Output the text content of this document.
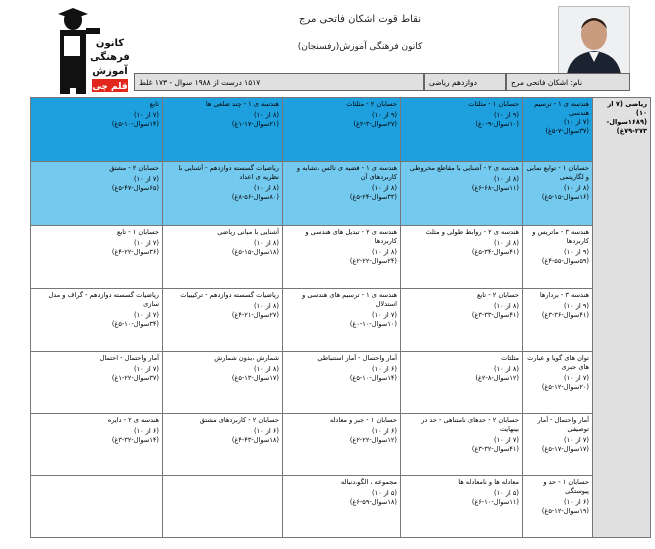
کانون
فرهنگی
آموزش
قلم چی
نقاط قوت اشکان فاتحی مرج
کانون فرهنگی آموزش(رفسنجان)
نام: اشکان فاتحی مرج
دوازدهم ریاضی
۱۵۱۷ درست از ۱۹۸۸ سوال - ۱۷۳ غلط
ریاضی (۷ از ۱۰) (۱۶۸۹سوال- ۲۷۳-۷۹غ)	هندسه ی ۱ - ترسیم هندسی
(۷ از ۱۰)
(۳۷سوال-۷-۵غ)	حسابان ۱ - مثلثات
(۹ از ۱۰)
(۱۰سوال-۹-۰غ)	حسابان ۲ - مثلثات
(۹ از ۱۰)
(۲۷سوال-۳-۲غ)	هندسه ی ۱ - چند ضلعی ها
(۸ از ۱۰)
(۲۱سوال-۱۷-۱غ)	تابع
(۷ از ۱۰)
(۱۴سوال-۱۰-۵غ)

	حسابان ۱ - توابع نمایی و لگاریتمی
(۸ از ۱۰)
(۱۶سوال-۱۵-۵غ)	هندسه ی ۲ - آشنایی با مقاطع مخروطی
(۸ از ۱۰)
(۱۱سوال-۶۸-۶غ)	هندسه ی ۱ - قضیه ی تالس ،تشابه و کاربردهای آن
(۸ از ۱۰)
(۳۳سوال-۲۴-۵غ)	ریاضیات گسسته دوازدهم - آشنایی با نظریه ی اعداد
(۸ از ۱۰)
(۸۰سوال-۵۶-۸غ)	حسابان ۲ - مشتق
(۷ از ۱۰)
(۶۵سوال-۴۷-۵غ)

	هندسه ۳ - ماتریس و کاربردها
(۹ از ۱۰)
(۵۹سوال-۵۵-۴غ)	هندسه ی ۲ - روابط طولی و مثلث
(۸ از ۱۰)
(۴۱سوال-۳۴-۵غ)	هندسه ی ۲ - تبدیل های هندسی و کاربردها
(۸ از ۱۰)
(۲۴سوال-۲۲-۲غ)	آشنایی با مبانی ریاضی
(۸ از ۱۰)
(۱۸سوال-۱۵-۵غ)	حسابان ۱ - تابع
(۷ از ۱۰)
(۳۶سوال-۲۲-۴غ)

	هندسه ۳ - بردارها
(۹ از ۱۰)
(۴۱سوال-۳۶-۳غ)	حسابان ۲ - تابع
(۸ از ۱۰)
(۴۱سوال-۳۳-۳غ)	هندسه ی ۱ - ترسیم های هندسی و استدلال
(۷ از ۱۰)
(۱۰سوال-۱۰-۰غ)	ریاضیات گسسته دوازدهم - ترکیبیات
(۸ از ۱۰)
(۲۷سوال-۲۱-۴غ)	ریاضیات گسسته دوازدهم - گراف و مدل سازی
(۷ از ۱۰)
(۳۴سوال-۱۰-۵غ)

	توان های گویا و عبارت های جبری
(۷ از ۱۰)
(۲۰سوال-۱۲-۵غ)	مثلثات
(۸ از ۱۰)
(۱۲سوال-۸-۲غ)	آمار واحتمال - آمار استنباطی
(۶ از ۱۰)
(۱۴سوال-۱۰-۵غ)	شمارش ،بدون شمارش
(۸ از ۱۰)
(۱۷سوال-۱۳-۵غ)	آمار واحتمال - احتمال
(۷ از ۱۰)
(۳۷سوال-۲۲-۱غ)

	آمار واحتمال - آمار توصیفی
(۷ از ۱۰)
(۱۷سوال-۱۷-۵غ)	حسابان ۲ - حدهای نامتناهی - حد در بینهایت
(۷ از ۱۰)
(۴۱سوال-۳۲-۳غ)	حسابان ۱ - جبر و معادله
(۶ از ۱۰)
(۱۲سوال-۲۲-۲غ)	حسابان ۲ - کاربردهای مشتق
(۶ از ۱۰)
(۱۸سوال-۴۳-۴غ)	هندسه ی ۲ - دایره
(۶ از ۱۰)
(۱۴سوال-۳۲-۳غ)

	حسابان ۱ - حد و پیوستگی
(۶ از ۱۰)
(۱۹سوال-۱۲-۵غ)	معادله ها و نامعادله ها
(۵ از ۱۰)
(۱۱سوال-۱۰-۶غ)	مجموعه ، الگو،دنباله
(۵ از ۱۰)
(۱۸سوال-۵۹-۶غ)		
